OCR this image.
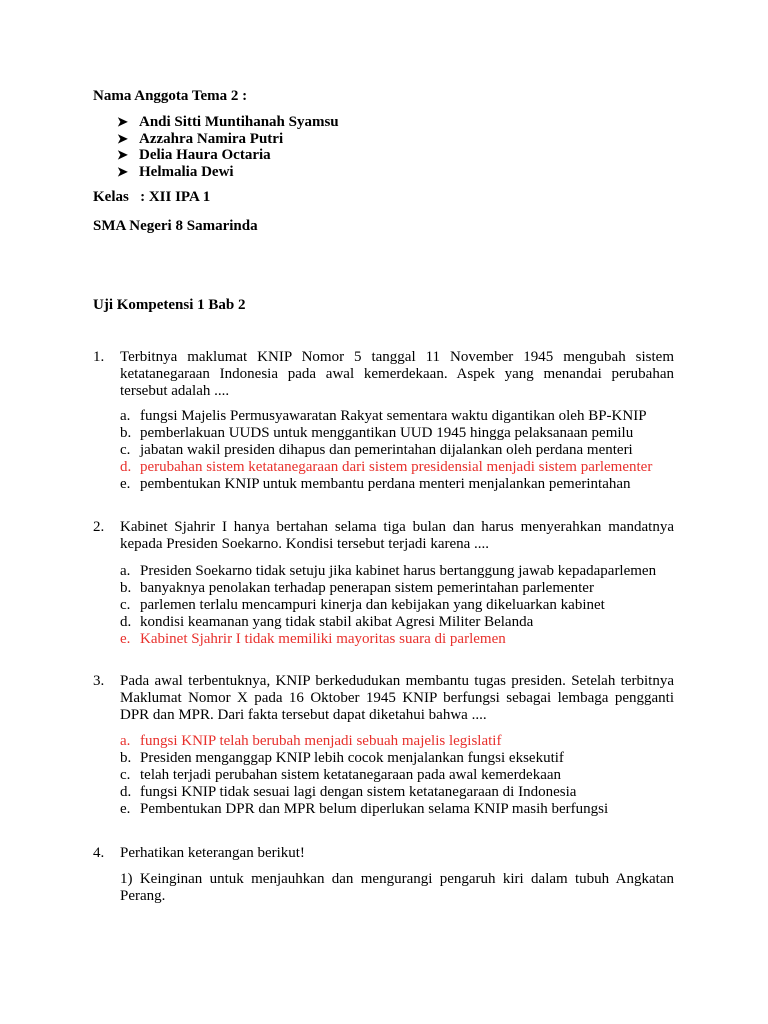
Nama Anggota Tema 2 :
➤ Andi Sitti Muntihanah Syamsu
➤ Azzahra Namira Putri
➤ Delia Haura Octaria
➤ Helmalia Dewi
Kelas   : XII IPA 1
SMA Negeri 8 Samarinda
Uji Kompetensi 1 Bab 2
1. Terbitnya maklumat KNIP Nomor 5 tanggal 11 November 1945 mengubah sistem ketatanegaraan Indonesia pada awal kemerdekaan. Aspek yang menandai perubahan tersebut adalah ....
a. fungsi Majelis Permusyawaratan Rakyat sementara waktu digantikan oleh BP-KNIP
b. pemberlakuan UUDS untuk menggantikan UUD 1945 hingga pelaksanaan pemilu
c. jabatan wakil presiden dihapus dan pemerintahan dijalankan oleh perdana menteri
d. perubahan sistem ketatanegaraan dari sistem presidensial menjadi sistem parlementer
e. pembentukan KNIP untuk membantu perdana menteri menjalankan pemerintahan
2. Kabinet Sjahrir I hanya bertahan selama tiga bulan dan harus menyerahkan mandatnya kepada Presiden Soekarno. Kondisi tersebut terjadi karena ....
a. Presiden Soekarno tidak setuju jika kabinet harus bertanggung jawab kepadaparlemen
b. banyaknya penolakan terhadap penerapan sistem pemerintahan parlementer
c. parlemen terlalu mencampuri kinerja dan kebijakan yang dikeluarkan kabinet
d. kondisi keamanan yang tidak stabil akibat Agresi Militer Belanda
e. Kabinet Sjahrir I tidak memiliki mayoritas suara di parlemen
3. Pada awal terbentuknya, KNIP berkedudukan membantu tugas presiden. Setelah terbitnya Maklumat Nomor X pada 16 Oktober 1945 KNIP berfungsi sebagai lembaga pengganti DPR dan MPR. Dari fakta tersebut dapat diketahui bahwa ....
a. fungsi KNIP telah berubah menjadi sebuah majelis legislatif
b. Presiden menganggap KNIP lebih cocok menjalankan fungsi eksekutif
c. telah terjadi perubahan sistem ketatanegaraan pada awal kemerdekaan
d. fungsi KNIP tidak sesuai lagi dengan sistem ketatanegaraan di Indonesia
e. Pembentukan DPR dan MPR belum diperlukan selama KNIP masih berfungsi
4. Perhatikan keterangan berikut!
1) Keinginan untuk menjauhkan dan mengurangi pengaruh kiri dalam tubuh Angkatan Perang.
